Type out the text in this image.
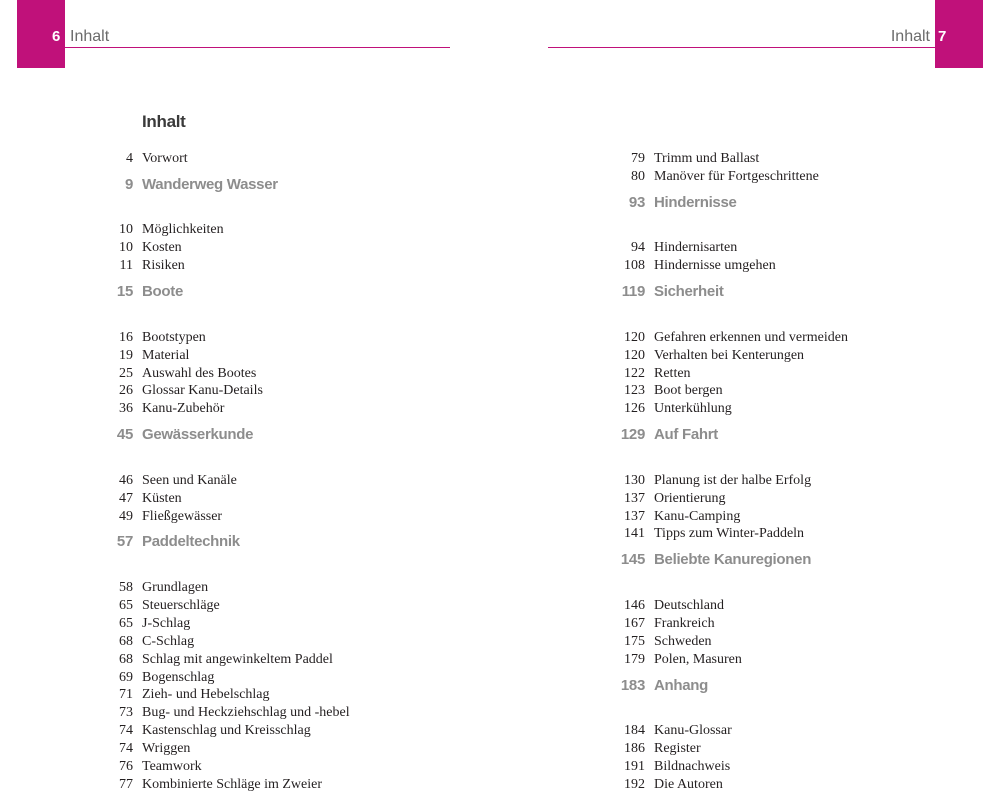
6 Inhalt	7
Inhalt
Inhalt
4 Vorwort
9 Wanderweg Wasser
10 Möglichkeiten
10 Kosten
11 Risiken
15 Boote
16 Bootstypen
19 Material
25 Auswahl des Bootes
26 Glossar Kanu-Details
36 Kanu-Zubehör
45 Gewässerkunde
46 Seen und Kanäle
47 Küsten
49 Fließgewässer
57 Paddeltechnik
58 Grundlagen
65 Steuerschläge
65 J-Schlag
68 C-Schlag
68 Schlag mit angewinkeltem Paddel
69 Bogenschlag
71 Zieh- und Hebelschlag
73 Bug- und Heckziehschlag und -hebel
74 Kastenschlag und Kreisschlag
74 Wriggen
76 Teamwork
77 Kombinierte Schläge im Zweier
79 Trimm und Ballast
80 Manöver für Fortgeschrittene
93 Hindernisse
94 Hindernisarten
108 Hindernisse umgehen
119 Sicherheit
120 Gefahren erkennen und vermeiden
120 Verhalten bei Kenterungen
122 Retten
123 Boot bergen
126 Unterkühlung
129 Auf Fahrt
130 Planung ist der halbe Erfolg
137 Orientierung
137 Kanu-Camping
141 Tipps zum Winter-Paddeln
145 Beliebte Kanuregionen
146 Deutschland
167 Frankreich
175 Schweden
179 Polen, Masuren
183 Anhang
184 Kanu-Glossar
186 Register
191 Bildnachweis
192 Die Autoren
